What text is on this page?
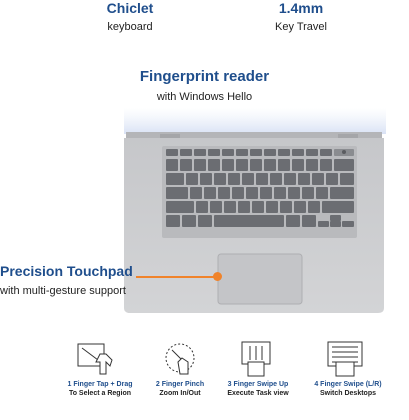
Chiclet
keyboard
1.4mm
Key Travel
Fingerprint reader
with Windows Hello
Precision Touchpad
with multi-gesture support
1 Finger Tap + Drag
To Select a Region
2 Finger Pinch
Zoom In/Out
3 Finger Swipe Up
Execute Task view
4 Finger Swipe (L/R)
Switch Desktops
